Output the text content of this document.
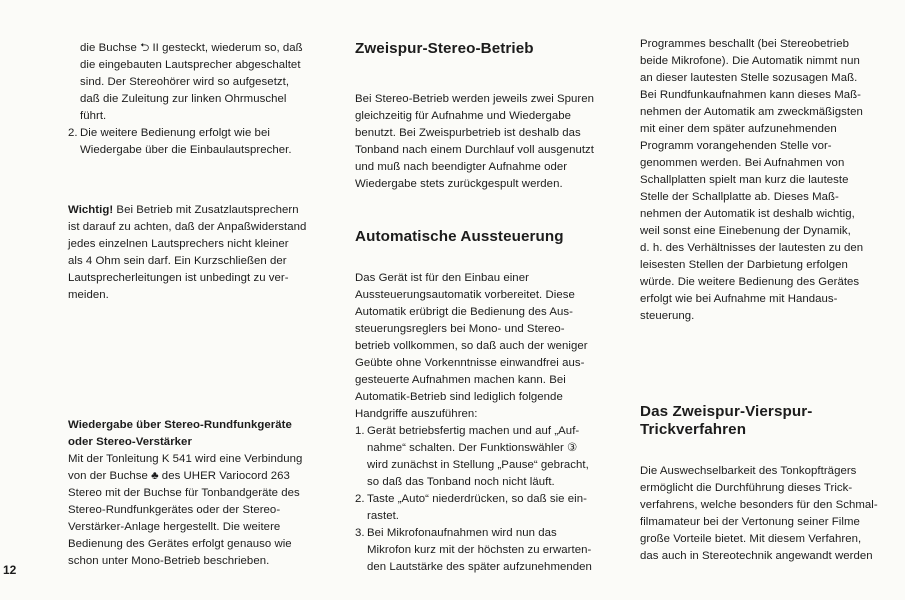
die Buchse ⮌ II gesteckt, wiederum so, daß

die eingebauten Lautsprecher abgeschaltet

sind. Der Stereohörer wird so aufgesetzt,

daß die Zuleitung zur linken Ohrmuschel

führt.

2. Die weitere Bedienung erfolgt wie bei

Wiedergabe über die Einbaulautsprecher.

Wichtig! Bei Betrieb mit Zusatzlautsprechern

ist darauf zu achten, daß der Anpaßwiderstand

jedes einzelnen Lautsprechers nicht kleiner

als 4 Ohm sein darf. Ein Kurzschließen der

Lautsprecherleitungen ist unbedingt zu ver-

meiden.

Wiedergabe über Stereo-Rundfunkgeräte
oder Stereo-Verstärker

Mit der Tonleitung K 541 wird eine Verbindung

von der Buchse ♣ des UHER Variocord 263

Stereo mit der Buchse für Tonbandgeräte des

Stereo-Rundfunkgerätes oder der Stereo-

Verstärker-Anlage hergestellt. Die weitere

Bedienung des Gerätes erfolgt genauso wie

schon unter Mono-Betrieb beschrieben.

Zweispur-Stereo-Betrieb

Bei Stereo-Betrieb werden jeweils zwei Spuren

gleichzeitig für Aufnahme und Wiedergabe

benutzt. Bei Zweispurbetrieb ist deshalb das

Tonband nach einem Durchlauf voll ausgenutzt

und muß nach beendigter Aufnahme oder

Wiedergabe stets zurückgespult werden.

Automatische Aussteuerung

Das Gerät ist für den Einbau einer

Aussteuerungsautomatik vorbereitet. Diese

Automatik erübrigt die Bedienung des Aus-

steuerungsreglers bei Mono- und Stereo-

betrieb vollkommen, so daß auch der weniger

Geübte ohne Vorkenntnisse einwandfrei aus-

gesteuerte Aufnahmen machen kann. Bei

Automatik-Betrieb sind lediglich folgende

Handgriffe auszuführen:

1. Gerät betriebsfertig machen und auf „Auf-

nahme“ schalten. Der Funktionswähler ③

wird zunächst in Stellung „Pause“ gebracht,

so daß das Tonband noch nicht läuft.

2. Taste „Auto“ niederdrücken, so daß sie ein-

rastet.

3. Bei Mikrofonaufnahmen wird nun das

Mikrofon kurz mit der höchsten zu erwarten-

den Lautstärke des später aufzunehmenden

Programmes beschallt (bei Stereobetrieb

beide Mikrofone). Die Automatik nimmt nun

an dieser lautesten Stelle sozusagen Maß.

Bei Rundfunkaufnahmen kann dieses Maß-

nehmen der Automatik am zweckmäßigsten

mit einer dem später aufzunehmenden

Programm vorangehenden Stelle vor-

genommen werden. Bei Aufnahmen von

Schallplatten spielt man kurz die lauteste

Stelle der Schallplatte ab. Dieses Maß-

nehmen der Automatik ist deshalb wichtig,

weil sonst eine Einebenung der Dynamik,

d. h. des Verhältnisses der lautesten zu den

leisesten Stellen der Darbietung erfolgen

würde. Die weitere Bedienung des Gerätes

erfolgt wie bei Aufnahme mit Handaus-

steuerung.

Das Zweispur-Vierspur-
Trickverfahren

Die Auswechselbarkeit des Tonkopfträgers

ermöglicht die Durchführung dieses Trick-

verfahrens, welche besonders für den Schmal-

filmamateur bei der Vertonung seiner Filme

große Vorteile bietet. Mit diesem Verfahren,

das auch in Stereotechnik angewandt werden

12
